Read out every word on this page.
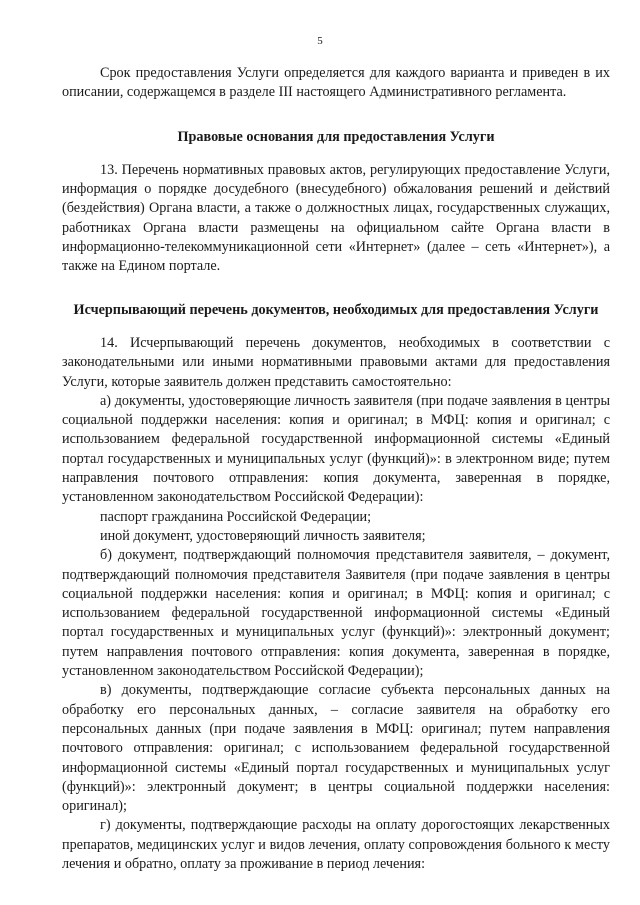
5

Срок предоставления Услуги определяется для каждого варианта и приведен в их описании, содержащемся в разделе III настоящего Административного регламента.

Правовые основания для предоставления Услуги

13. Перечень нормативных правовых актов, регулирующих предоставление Услуги, информация о порядке досудебного (внесудебного) обжалования решений и действий (бездействия) Органа власти, а также о должностных лицах, государственных служащих, работниках Органа власти размещены на официальном сайте Органа власти в информационно-телекоммуникационной сети «Интернет» (далее – сеть «Интернет»), а также на Едином портале.

Исчерпывающий перечень документов, необходимых для предоставления Услуги

14. Исчерпывающий перечень документов, необходимых в соответствии с законодательными или иными нормативными правовыми актами для предоставления Услуги, которые заявитель должен представить самостоятельно:

а) документы, удостоверяющие личность заявителя (при подаче заявления в центры социальной поддержки населения: копия и оригинал; в МФЦ: копия и оригинал; с использованием федеральной государственной информационной системы «Единый портал государственных и муниципальных услуг (функций)»: в электронном виде; путем направления почтового отправления: копия документа, заверенная в порядке, установленном законодательством Российской Федерации):

паспорт гражданина Российской Федерации;

иной документ, удостоверяющий личность заявителя;

б) документ, подтверждающий полномочия представителя заявителя, – документ, подтверждающий полномочия представителя Заявителя (при подаче заявления в центры социальной поддержки населения: копия и оригинал; в МФЦ: копия и оригинал; с использованием федеральной государственной информационной системы «Единый портал государственных и муниципальных услуг (функций)»: электронный документ; путем направления почтового отправления: копия документа, заверенная в порядке, установленном законодательством Российской Федерации);

в) документы, подтверждающие согласие субъекта персональных данных на обработку его персональных данных, – согласие заявителя на обработку его персональных данных (при подаче заявления в МФЦ: оригинал; путем направления почтового отправления: оригинал; с использованием федеральной государственной информационной системы «Единый портал государственных и муниципальных услуг (функций)»: электронный документ; в центры социальной поддержки населения: оригинал);

г) документы, подтверждающие расходы на оплату дорогостоящих лекарственных препаратов, медицинских услуг и видов лечения, оплату сопровождения больного к месту лечения и обратно, оплату за проживание в период лечения:
